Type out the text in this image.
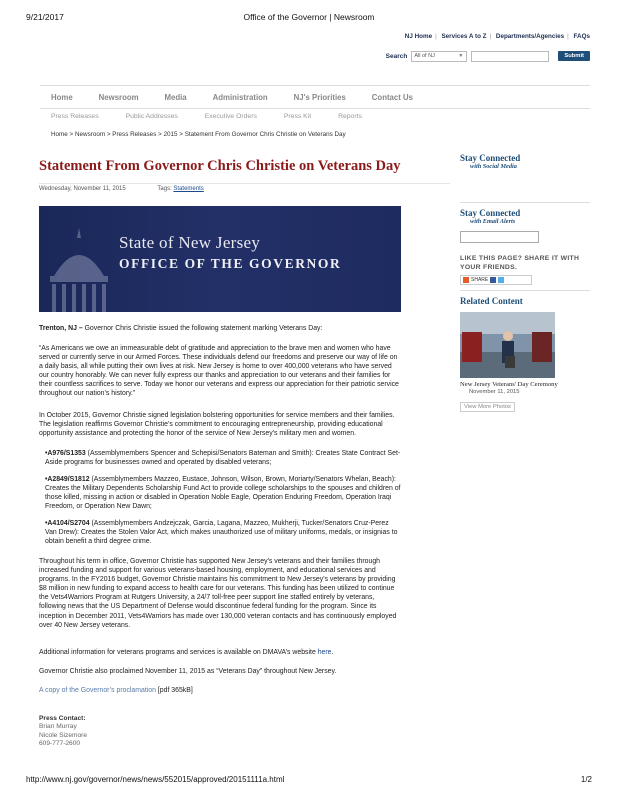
9/21/2017	Office of the Governor | Newsroom
NJ Home | Services A to Z | Departments/Agencies | FAQs
Search	All of NJ	▼	Submit
Home	Newsroom	Media	Administration	NJ's Priorities	Contact Us
Press Releases	Public Addresses	Executive Orders	Press Kit	Reports
Home > Newsroom > Press Releases > 2015 > Statement From Governor Chris Christie on Veterans Day
Statement From Governor Chris Christie on Veterans Day
Wednesday, November 11, 2015	Tags: Statements
State of New Jersey
OFFICE OF THE GOVERNOR
Trenton, NJ – Governor Chris Christie issued the following statement marking Veterans Day:
“As Americans we owe an immeasurable debt of gratitude and appreciation to the brave men and women who have served or currently serve in our Armed Forces. These individuals defend our freedoms and preserve our way of life on a daily basis, all while putting their own lives at risk. New Jersey is home to over 400,000 veterans who have served our country honorably. We can never fully express our thanks and appreciation to our veterans and their families for their countless sacrifices to serve. Today we honor our veterans and express our appreciation for their patriotic service throughout our nation’s history.”
In October 2015, Governor Christie signed legislation bolstering opportunities for service members and their families. The legislation reaffirms Governor Christie’s commitment to encouraging entrepreneurship, providing educational opportunity assistance and protecting the honor of the service of New Jersey’s military men and women.
•A976/S1353 (Assemblymembers Spencer and Schepisi/Senators Bateman and Smith): Creates State Contract Set-Aside programs for businesses owned and operated by disabled veterans;
•A2849/S1812 (Assemblymembers Mazzeo, Eustace, Johnson, Wilson, Brown, Moriarty/Senators Whelan, Beach): Creates the Military Dependents Scholarship Fund Act to provide college scholarships to the spouses and children of those killed, missing in action or disabled in Operation Noble Eagle, Operation Enduring Freedom, Operation Iraqi Freedom, or Operation New Dawn;
•A4104/S2704 (Assemblymembers Andzejczak, Garcia, Lagana, Mazzeo, Mukherji, Tucker/Senators Cruz-Perez Van Drew): Creates the Stolen Valor Act, which makes unauthorized use of military uniforms, medals, or insignias to obtain benefit a third degree crime.
Throughout his term in office, Governor Christie has supported New Jersey’s veterans and their families through increased funding and support for various veterans-based housing, employment, and educational services and programs. In the FY2016 budget, Governor Christie maintains his commitment to New Jersey’s veterans by providing $8 million in new funding to expand access to health care for our veterans. This funding has been utilized to continue the Vets4Warriors Program at Rutgers University, a 24/7 toll-free peer support line staffed entirely by veterans, following news that the US Department of Defense would discontinue federal funding for the program. Since its inception in December 2011, Vets4Warriors has made over 130,000 veteran contacts and has continuously employed over 40 New Jersey veterans.
Additional information for veterans programs and services is available on DMAVA’s website here.
Governor Christie also proclaimed November 11, 2015 as “Veterans Day” throughout New Jersey.
A copy of the Governor’s proclamation [pdf 365kB]
Press Contact:
Brian Murray
Nicole Sizemore
609-777-2600
Stay Connected
with Social Media
Stay Connected
with Email Alerts
LIKE THIS PAGE? SHARE IT WITH YOUR FRIENDS.
SHARE
Related Content
New Jersey Veterans' Day Ceremony
November 11, 2015
View More Photos
http://www.nj.gov/governor/news/news/552015/approved/20151111a.html	1/2
